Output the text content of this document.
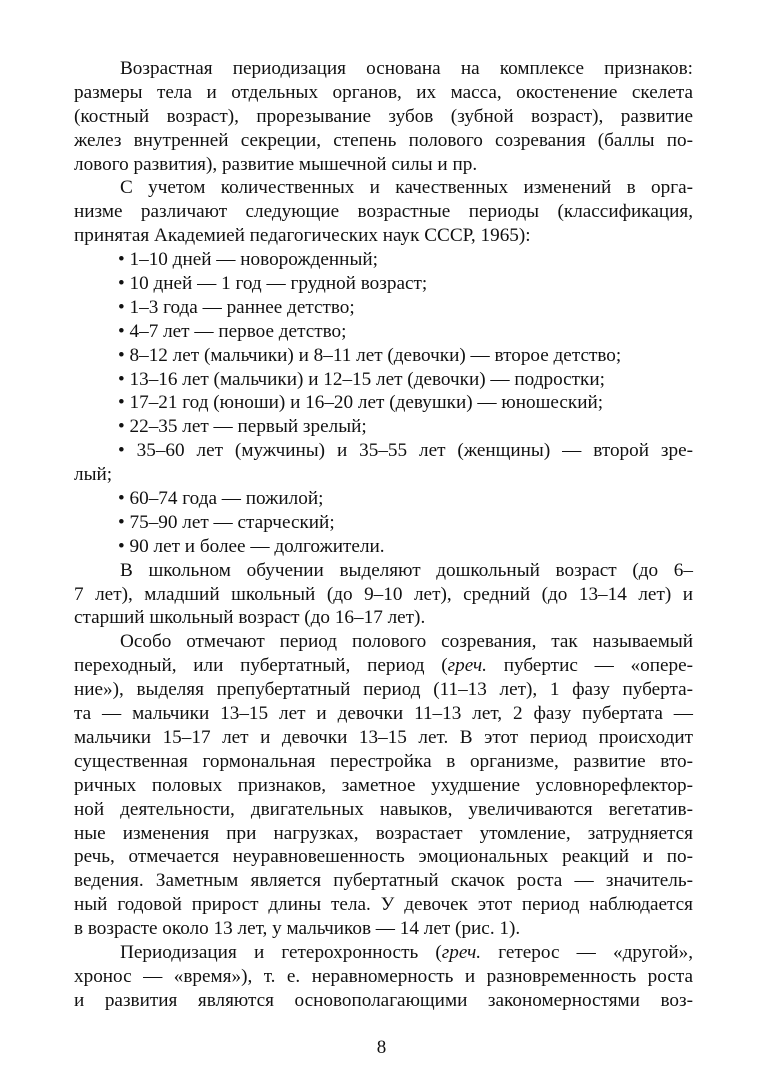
Возрастная периодизация основана на комплексе признаков:
размеры тела и отдельных органов, их масса, окостенение скелета
(костный возраст), прорезывание зубов (зубной возраст), развитие
желез внутренней секреции, степень полового созревания (баллы по-
лового развития), развитие мышечной силы и пр.
С учетом количественных и качественных изменений в орга-
низме различают следующие возрастные периоды (классификация,
принятая Академией педагогических наук СССР, 1965):
• 1–10 дней — новорожденный;
• 10 дней — 1 год — грудной возраст;
• 1–3 года — раннее детство;
• 4–7 лет — первое детство;
• 8–12 лет (мальчики) и 8–11 лет (девочки) — второе детство;
• 13–16 лет (мальчики) и 12–15 лет (девочки) — подростки;
• 17–21 год (юноши) и 16–20 лет (девушки) — юношеский;
• 22–35 лет — первый зрелый;
• 35–60 лет (мужчины) и 35–55 лет (женщины) — второй зре-
лый;
• 60–74 года — пожилой;
• 75–90 лет — старческий;
• 90 лет и более — долгожители.
В школьном обучении выделяют дошкольный возраст (до 6–
7 лет), младший школьный (до 9–10 лет), средний (до 13–14 лет) и
старший школьный возраст (до 16–17 лет).
Особо отмечают период полового созревания, так называемый
переходный, или пубертатный, период (греч. пубертис — «опере-
ние»), выделяя препубертатный период (11–13 лет), 1 фазу пуберта-
та — мальчики 13–15 лет и девочки 11–13 лет, 2 фазу пубертата —
мальчики 15–17 лет и девочки 13–15 лет. В этот период происходит
существенная гормональная перестройка в организме, развитие вто-
ричных половых признаков, заметное ухудшение условнорефлектор-
ной деятельности, двигательных навыков, увеличиваются вегетатив-
ные изменения при нагрузках, возрастает утомление, затрудняется
речь, отмечается неуравновешенность эмоциональных реакций и по-
ведения. Заметным является пубертатный скачок роста — значитель-
ный годовой прирост длины тела. У девочек этот период наблюдается
в возрасте около 13 лет, у мальчиков — 14 лет (рис. 1).
Периодизация и гетерохронность (греч. гетерос — «другой»,
хронос — «время»), т. е. неравномерность и разновременность роста
и развития являются основополагающими закономерностями воз-
8
